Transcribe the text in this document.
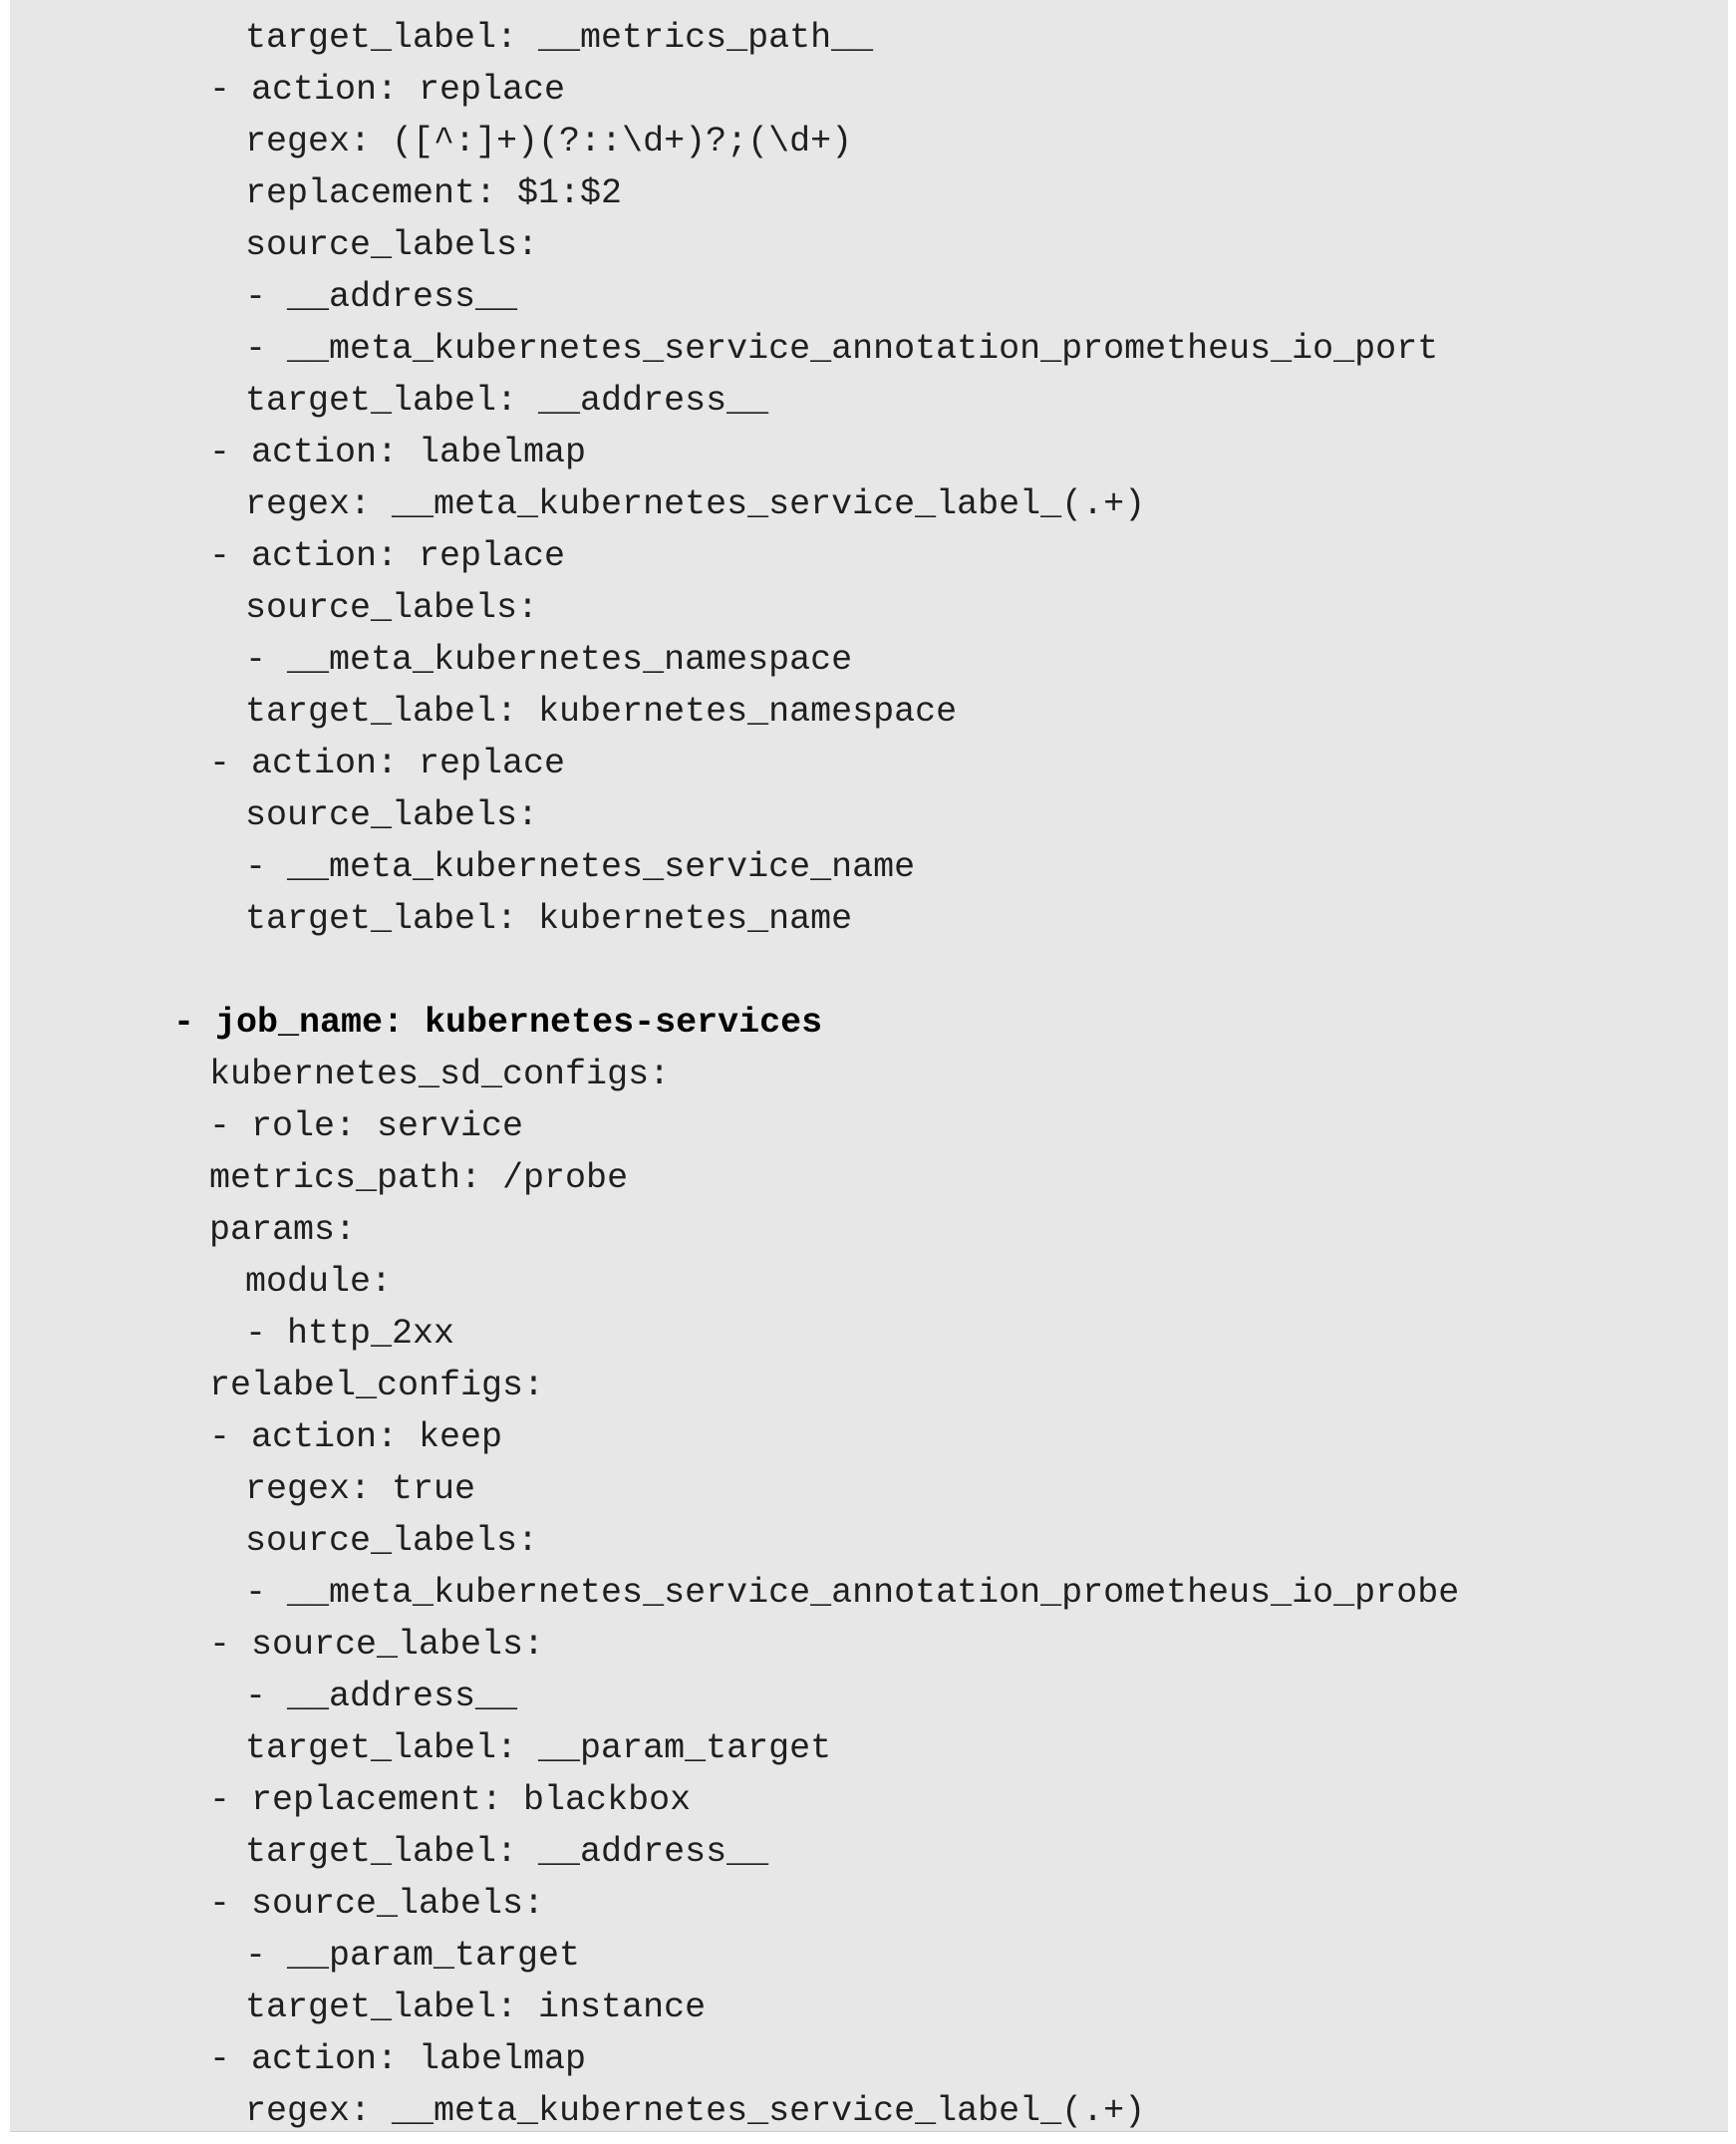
target_label: __metrics_path__
- action: replace
regex: ([^:]+)(?::\d+)?;(\d+)
replacement: $1:$2
source_labels:
- __address__
- __meta_kubernetes_service_annotation_prometheus_io_port
target_label: __address__
- action: labelmap
regex: __meta_kubernetes_service_label_(.+)
- action: replace
source_labels:
- __meta_kubernetes_namespace
target_label: kubernetes_namespace
- action: replace
source_labels:
- __meta_kubernetes_service_name
target_label: kubernetes_name
- job_name: kubernetes-services
kubernetes_sd_configs:
- role: service
metrics_path: /probe
params:
module:
- http_2xx
relabel_configs:
- action: keep
regex: true
source_labels:
- __meta_kubernetes_service_annotation_prometheus_io_probe
- source_labels:
- __address__
target_label: __param_target
- replacement: blackbox
target_label: __address__
- source_labels:
- __param_target
target_label: instance
- action: labelmap
regex: __meta_kubernetes_service_label_(.+)
